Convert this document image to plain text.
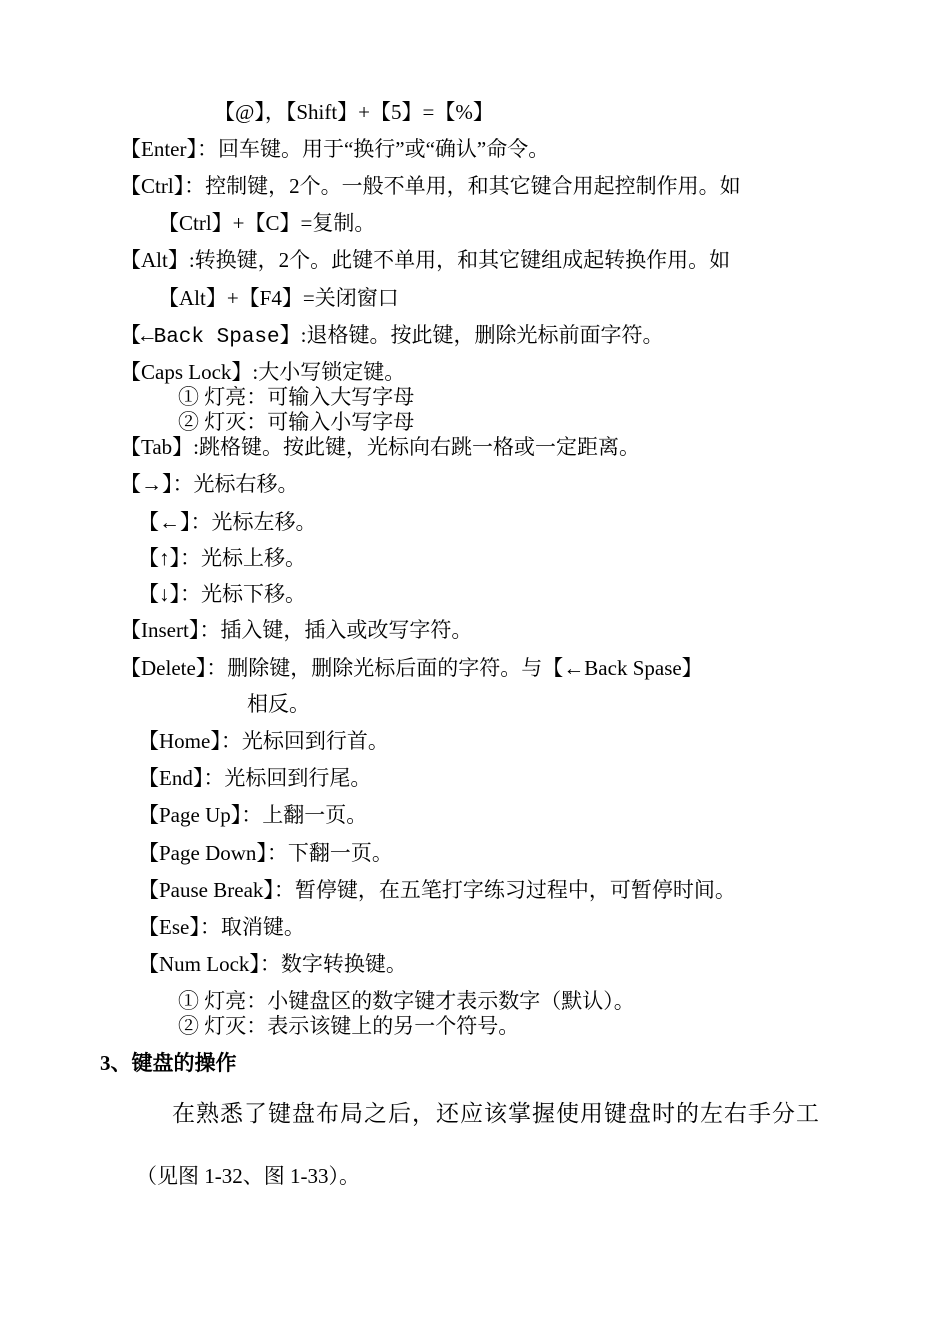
【@】，【Shift】+【5】=【%】
【Enter】：回车键。用于“换行”或“确认”命令。
【Ctrl】：控制键，2个。一般不单用，和其它键合用起控制作用。如
【Ctrl】+【C】=复制。
【Alt】:转换键，2个。此键不单用，和其它键组成起转换作用。如
【Alt】+【F4】=关闭窗口
【←Back Spase】:退格键。按此键，删除光标前面字符。
【Caps Lock】:大小写锁定键。
① 灯亮：可输入大写字母
② 灯灭：可输入小写字母
【Tab】:跳格键。按此键，光标向右跳一格或一定距离。
【→】：光标右移。
【←】：光标左移。
【↑】：光标上移。
【↓】：光标下移。
【Insert】：插入键，插入或改写字符。
【Delete】：删除键，删除光标后面的字符。与【←Back Spase】
相反。
【Home】：光标回到行首。
【End】：光标回到行尾。
【Page Up】：上翻一页。
【Page Down】：下翻一页。
【Pause Break】：暂停键，在五笔打字练习过程中，可暂停时间。
【Ese】：取消键。
【Num Lock】：数字转换键。
① 灯亮：小键盘区的数字键才表示数字（默认）。
② 灯灭：表示该键上的另一个符号。
3、键盘的操作
在熟悉了键盘布局之后，还应该掌握使用键盘时的左右手分工
（见图 1-32、图 1-33）。
